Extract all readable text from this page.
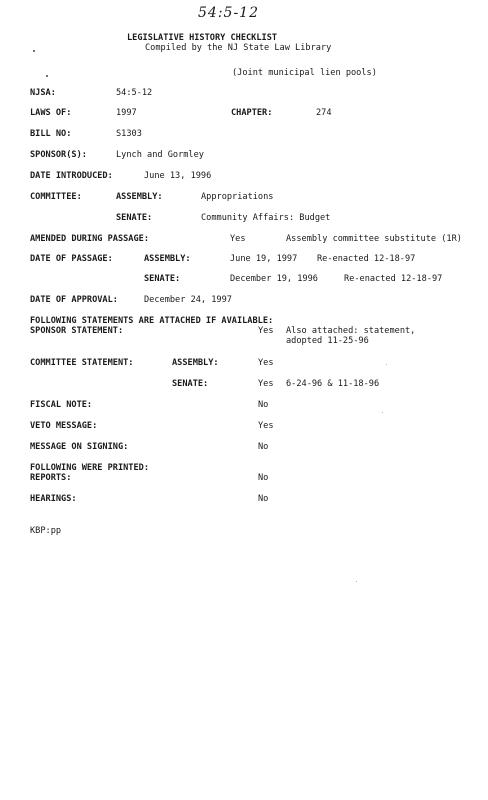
54:5-12
LEGISLATIVE HISTORY CHECKLIST
Compiled by the NJ State Law Library
(Joint municipal lien pools)
NJSA:	54:5-12
LAWS OF:	1997	CHAPTER:	274
BILL NO:	S1303
SPONSOR(S):	Lynch and Gormley
DATE INTRODUCED:	June 13, 1996
COMMITTEE:	ASSEMBLY:	Appropriations
SENATE:	Community Affairs: Budget
AMENDED DURING PASSAGE:	Yes	Assembly committee substitute (1R)
DATE OF PASSAGE:	ASSEMBLY:	June 19, 1997 Re-enacted 12-18-97
SENATE:	December 19, 1996	Re-enacted 12-18-97
DATE OF APPROVAL:	December 24, 1997
FOLLOWING STATEMENTS ARE ATTACHED IF AVAILABLE:
SPONSOR STATEMENT:	Yes Also attached: statement,
adopted 11-25-96
COMMITTEE STATEMENT:	ASSEMBLY:	Yes
SENATE:	Yes 6-24-96 & 11-18-96
FISCAL NOTE:	No
VETO MESSAGE:	Yes
MESSAGE ON SIGNING:	No
FOLLOWING WERE PRINTED:
REPORTS:	No
HEARINGS:	No
KBP:pp
